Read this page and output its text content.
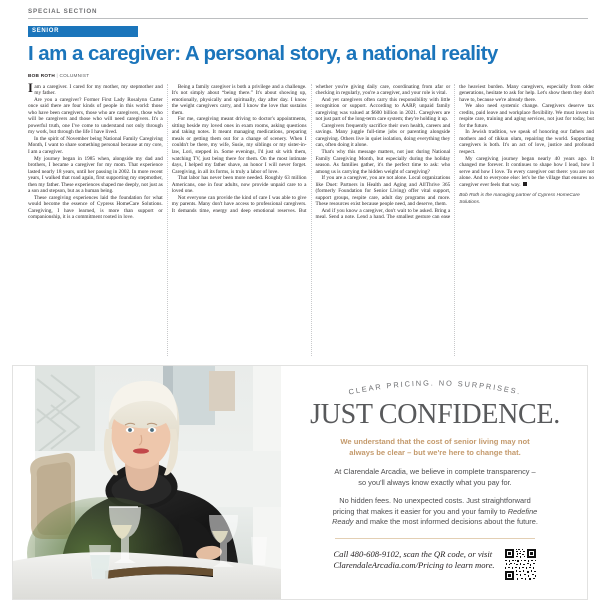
SPECIAL SECTION
SENIOR
I am a caregiver: A personal story, a national reality
BOB ROTH | COLUMNIST

Iam a caregiver. I cared for my mother, my stepmother and my father.

Are you a caregiver? Former First Lady Rosalynn Carter once said there are four kinds of people in this world: those who have been caregivers, those who are caregivers, those who will be caregivers and those who will need caregivers. It's a powerful truth, one I've come to understand not only through my work, but through the life I have lived.

In the spirit of November being National Family Caregiving Month, I want to share something personal because at my core, I am a caregiver.

My journey began in 1985 when, alongside my dad and brothers, I became a caregiver for my mom. That experience lasted nearly 18 years, until her passing in 2002. In more recent years, I walked that road again, first supporting my stepmother, then my father. These experiences shaped me deeply, not just as a son and stepson, but as a human being.

These caregiving experiences laid the foundation for what would become the essence of Cypress HomeCare Solutions. Caregiving, I have learned, is more than support or companionship, it is a commitment rooted in love.

Being a family caregiver is both a privilege and a challenge. It's not simply about “being there.” It's about showing up, emotionally, physically and spiritually, day after day. I know the weight caregivers carry, and I know the love that sustains them.

For me, caregiving meant driving to doctor's appointments, sitting beside my loved ones in exam rooms, asking questions and taking notes. It meant managing medications, preparing meals or getting them out for a change of scenery. When I couldn't be there, my wife, Susie, my siblings or my sister-in-law, Lori, stepped in. Some evenings, I'd just sit with them, watching TV, just being there for them. On the most intimate days, I helped my father shave, an honor I will never forget. Caregiving, in all its forms, is truly a labor of love.

That labor has never been more needed. Roughly 63 million Americans, one in four adults, now provide unpaid care to a loved one.

Not everyone can provide the kind of care I was able to give my parents. Many don't have access to professional caregivers. It demands time, energy and deep emotional reserves. But whether you're giving daily care, coordinating from afar or checking in regularly, you're a caregiver, and your role is vital.

And yet caregivers often carry this responsibility with little recognition or support. According to AARP, unpaid family caregiving was valued at $600 billion in 2021. Caregivers are not just part of the long-term care system; they're holding it up.

Caregivers frequently sacrifice their own health, careers and savings. Many juggle full-time jobs or parenting alongside caregiving. Others live in quiet isolation, doing everything they can, often doing it alone.

That's why this message matters, not just during National Family Caregiving Month, but especially during the holiday season. As families gather, it's the perfect time to ask: who among us is carrying the hidden weight of caregiving?

If you are a caregiver, you are not alone. Local organizations like Duet: Partners in Health and Aging and AllThrive 365 (formerly Foundation for Senior Living) offer vital support, support groups, respite care, adult day programs and more. These resources exist because people need, and deserve, them.

And if you know a caregiver, don't wait to be asked. Bring a meal. Send a note. Lend a hand. The smallest gesture can ease the heaviest burden. Many caregivers, especially from older generations, hesitate to ask for help. Let's show them they don't have to, because we're already there.

We also need systemic change. Caregivers deserve tax credits, paid leave and workplace flexibility. We must invest in respite care, training and aging services, not just for today, but for the future.

In Jewish tradition, we speak of honoring our fathers and mothers and of tikkun olam, repairing the world. Supporting caregivers is both. It's an act of love, justice and profound respect.

My caregiving journey began nearly 40 years ago. It changed me forever. It continues to shape how I lead, how I serve and how I love. To every caregiver out there: you are not alone. And to everyone else: let's be the village that ensures no caregiver ever feels that way.

Bob Roth is the managing partner of Cypress HomeCare Solutions.

CLEAR PRICING. NO SURPRISES.
JUST CONFIDENCE.
We understand that the cost of senior living may not
always be clear – but we're here to change that.
At Clarendale Arcadia, we believe in complete transparency –
so you'll always know exactly what you pay for.
No hidden fees. No unexpected costs. Just straightforward
pricing that makes it easier for you and your family to Redefine
Ready and make the most informed decisions about the future.
Call 480-608-9102, scan the QR code, or visit
ClarendaleArcadia.com/Pricing to learn more.
